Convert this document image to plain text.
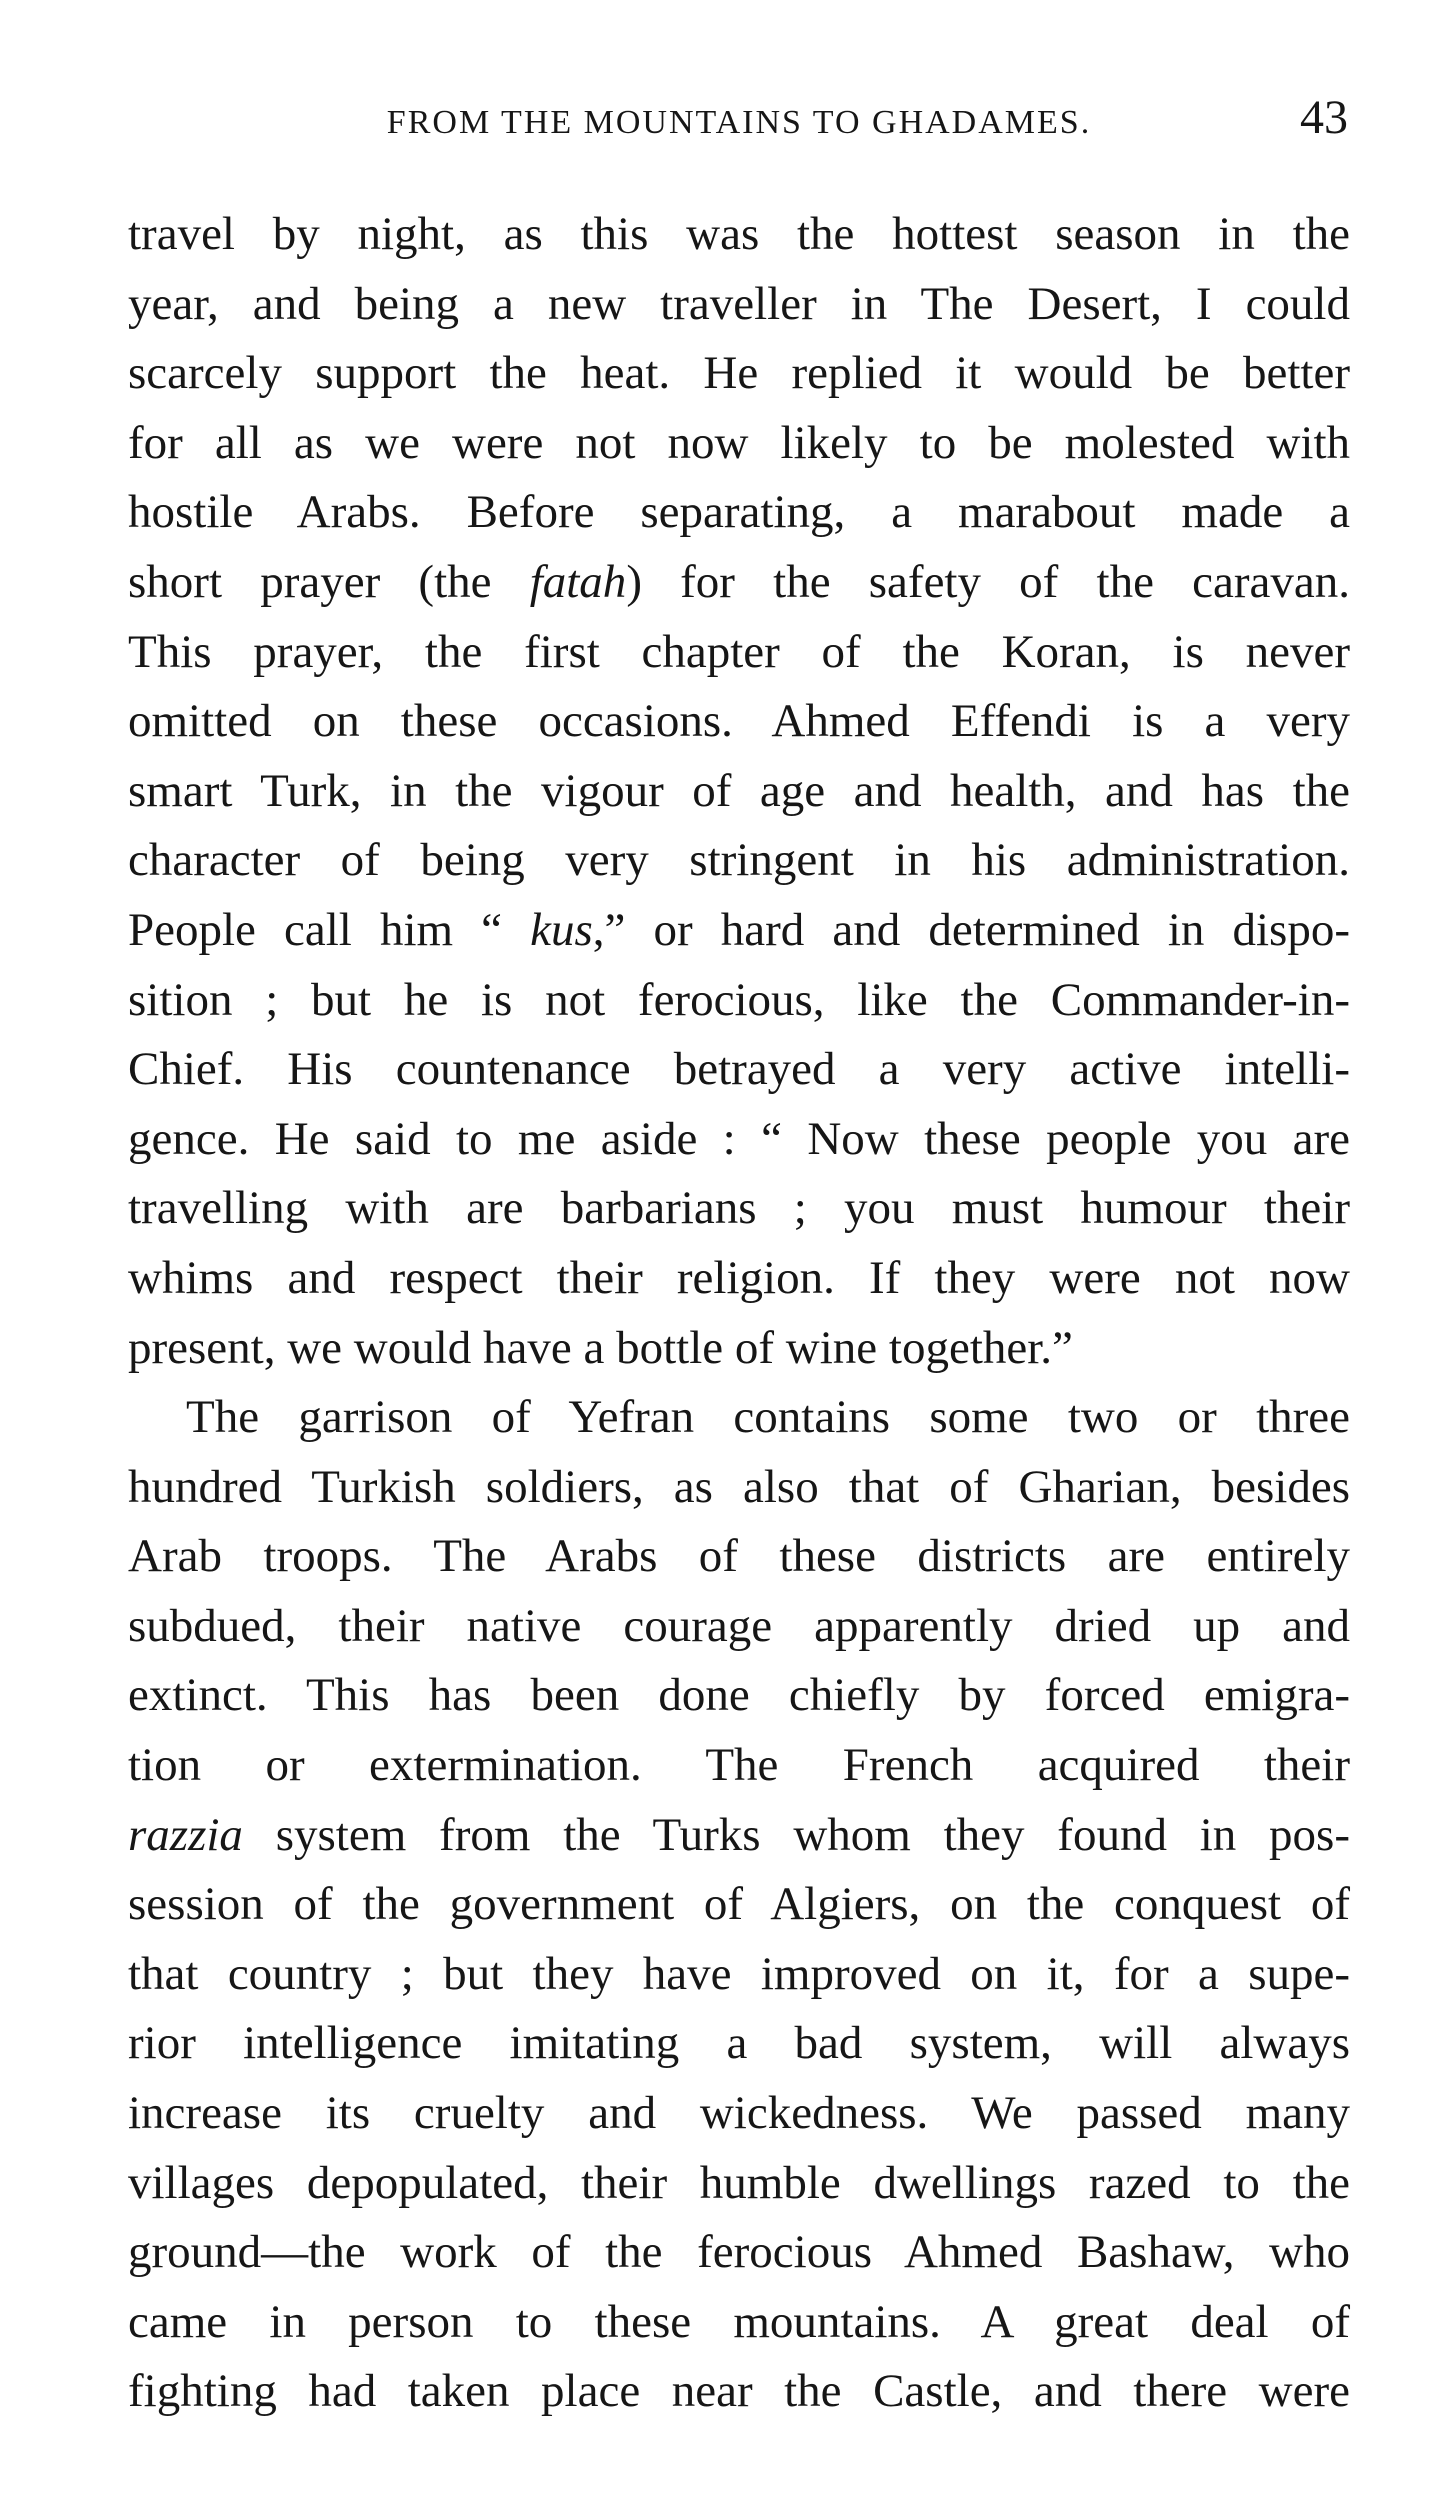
FROM THE MOUNTAINS TO GHADAMES.	43
travel by night, as this was the hottest season in the
year, and being a new traveller in The Desert, I could
scarcely support the heat. He replied it would be better
for all as we were not now likely to be molested with
hostile Arabs. Before separating, a marabout made a
short prayer (the fatah) for the safety of the caravan.
This prayer, the first chapter of the Koran, is never
omitted on these occasions. Ahmed Effendi is a very
smart Turk, in the vigour of age and health, and has the
character of being very stringent in his administration.
People call him “ kus,” or hard and determined in dispo-
sition ; but he is not ferocious, like the Commander-in-
Chief. His countenance betrayed a very active intelli-
gence. He said to me aside : “ Now these people you are
travelling with are barbarians ; you must humour their
whims and respect their religion. If they were not now
present, we would have a bottle of wine together.”
The garrison of Yefran contains some two or three
hundred Turkish soldiers, as also that of Gharian, besides
Arab troops. The Arabs of these districts are entirely
subdued, their native courage apparently dried up and
extinct. This has been done chiefly by forced emigra-
tion or extermination. The French acquired their
razzia system from the Turks whom they found in pos-
session of the government of Algiers, on the conquest of
that country ; but they have improved on it, for a supe-
rior intelligence imitating a bad system, will always
increase its cruelty and wickedness. We passed many
villages depopulated, their humble dwellings razed to the
ground—the work of the ferocious Ahmed Bashaw, who
came in person to these mountains. A great deal of
fighting had taken place near the Castle, and there were
